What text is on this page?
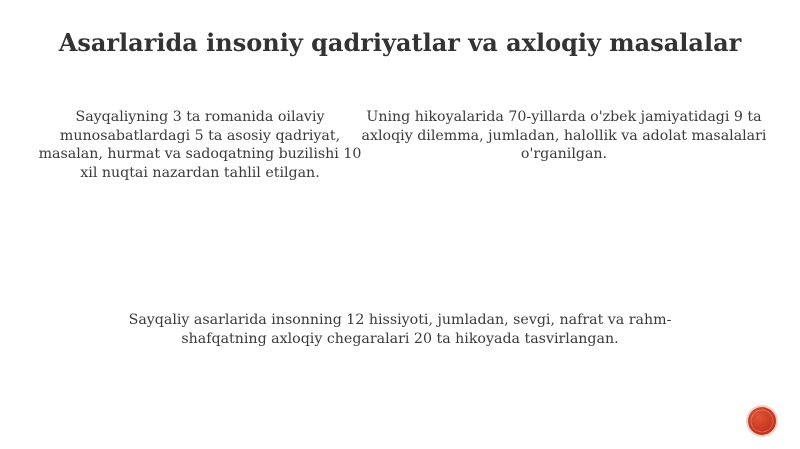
Asarlarida insoniy qadriyatlar va axloqiy masalalar
Sayqaliyning 3 ta romanida oilaviy munosabatlardagi 5 ta asosiy qadriyat, masalan, hurmat va sadoqatning buzilishi 10 xil nuqtai nazardan tahlil etilgan.
Uning hikoyalarida 70-yillarda o'zbek jamiyatidagi 9 ta axloqiy dilemma, jumladan, halollik va adolat masalalari o'rganilgan.
Sayqaliy asarlarida insonning 12 hissiyoti, jumladan, sevgi, nafrat va rahm-shafqatning axloqiy chegaralari 20 ta hikoyada tasvirlangan.
